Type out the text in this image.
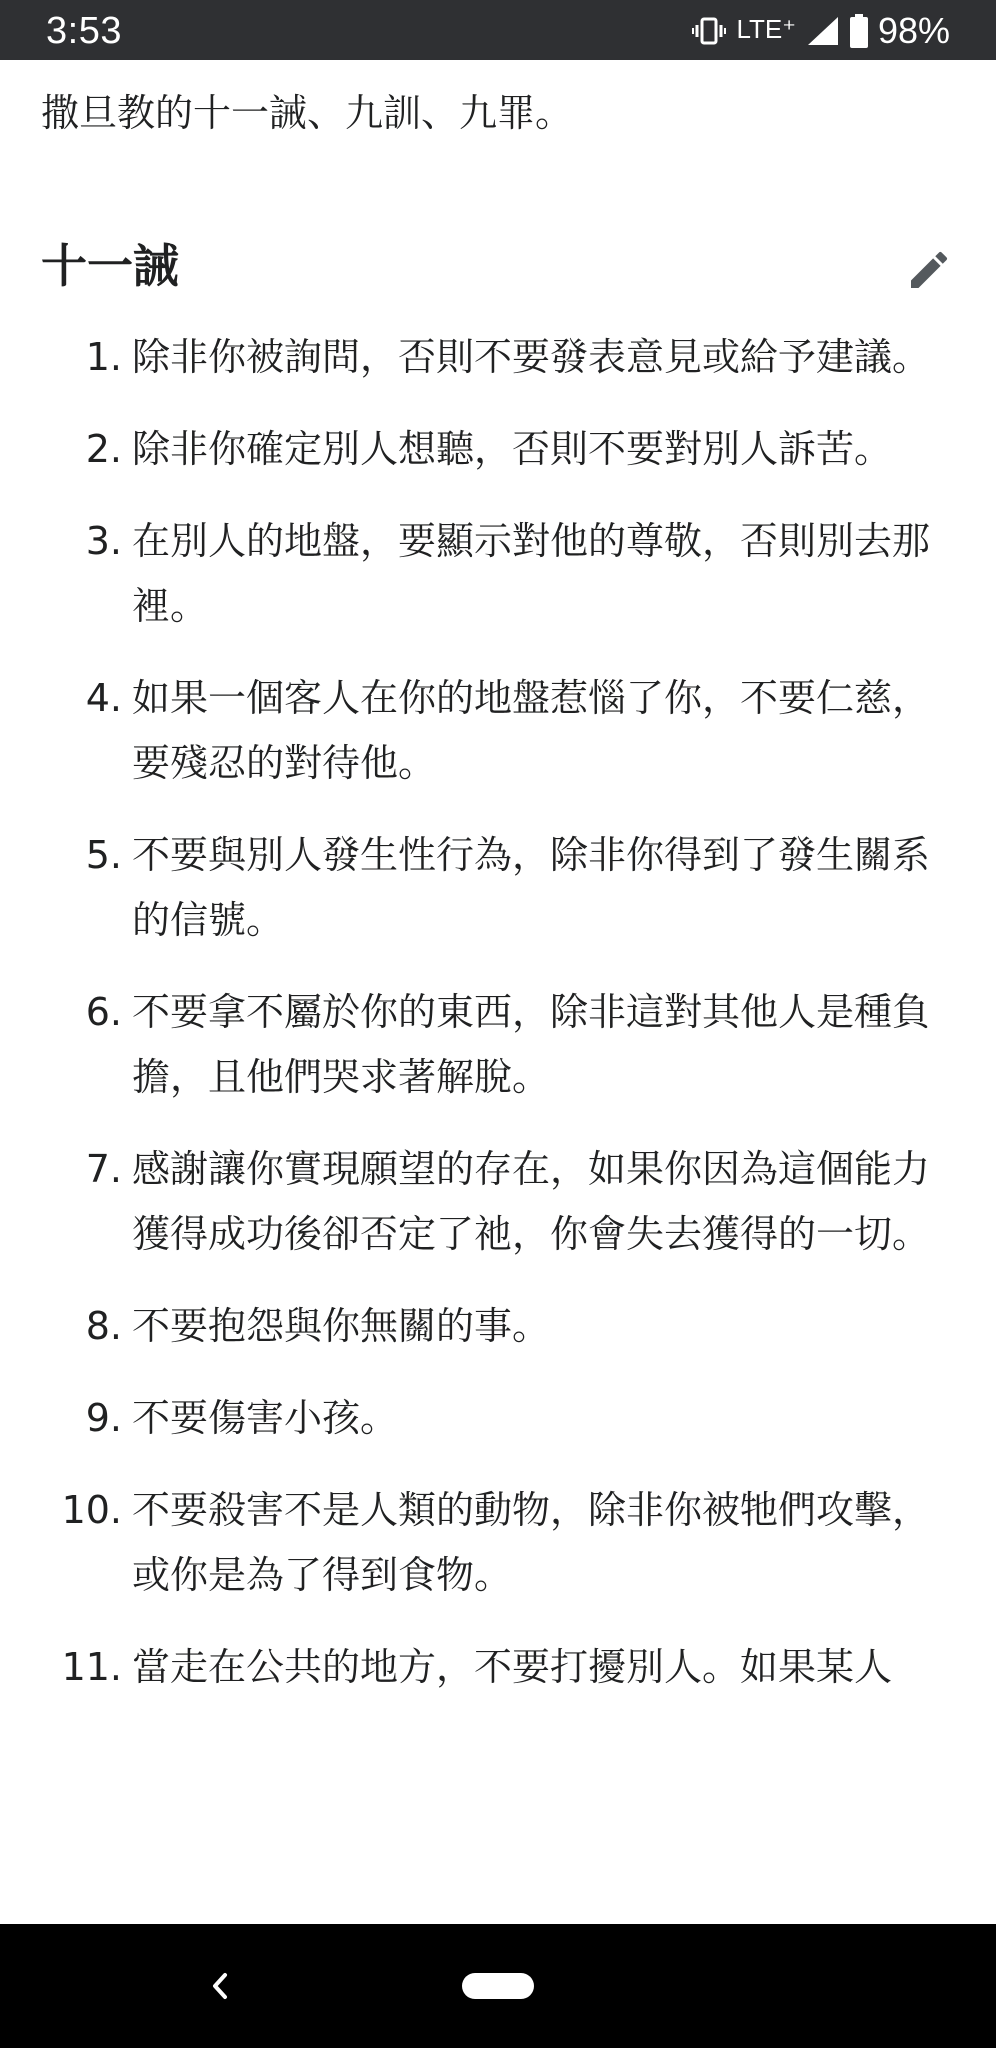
3:53	LTE⁺ 98%

撒旦教的十一誡、九訓、九罪。

十一誡
1. 除非你被詢問，否則不要發表意見或給予建議。
2. 除非你確定別人想聽，否則不要對別人訴苦。
3. 在別人的地盤，要顯示對他的尊敬，否則別去那裡。
4. 如果一個客人在你的地盤惹惱了你，不要仁慈，要殘忍的對待他。
5. 不要與別人發生性行為，除非你得到了發生關系的信號。
6. 不要拿不屬於你的東西，除非這對其他人是種負擔，且他們哭求著解脫。
7. 感謝讓你實現願望的存在，如果你因為這個能力獲得成功後卻否定了祂，你會失去獲得的一切。
8. 不要抱怨與你無關的事。
9. 不要傷害小孩。
10. 不要殺害不是人類的動物，除非你被牠們攻擊，或你是為了得到食物。
11. 當走在公共的地方，不要打擾別人。如果某人
